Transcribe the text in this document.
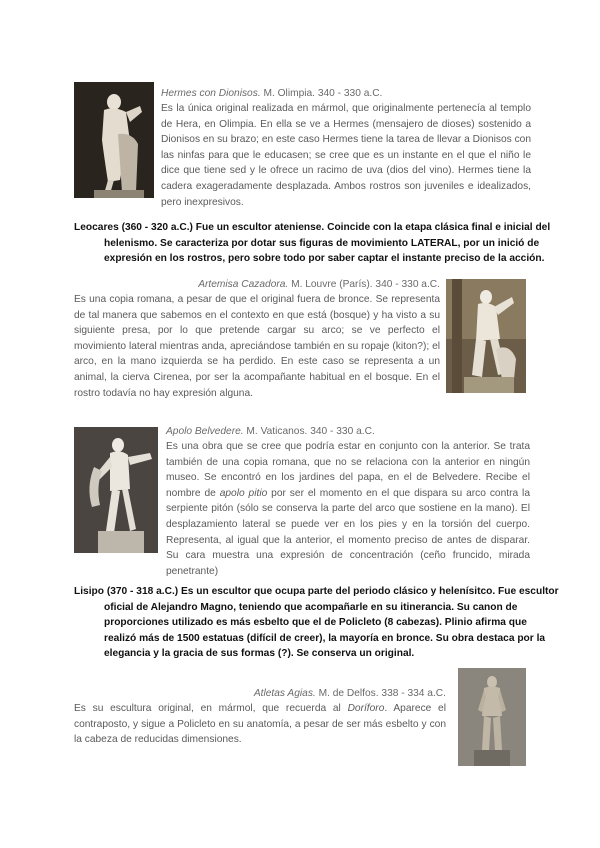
Hermes con Dionisos. M. Olimpia. 340 - 330 a.C.
Es la única original realizada en mármol, que originalmente pertenecía al templo de Hera, en Olimpia. En ella se ve a Hermes (mensajero de dioses) sostenido a Dionisos en su brazo; en este caso Hermes tiene la tarea de llevar a Dionisos con las ninfas para que le educasen; se cree que es un instante en el que el niño le dice que tiene sed y le ofrece un racimo de uva (dios del vino). Hermes tiene la cadera exageradamente desplazada. Ambos rostros son juveniles e idealizados, pero inexpresivos.
Leocares (360 - 320 a.C.) Fue un escultor ateniense. Coincide con la etapa clásica final e inicial del helenismo. Se caracteriza por dotar sus figuras de movimiento LATERAL, por un inició de expresión en los rostros, pero sobre todo por saber captar el instante preciso de la acción.
Artemisa Cazadora. M. Louvre (París). 340 - 330 a.C.
Es una copia romana, a pesar de que el original fuera de bronce. Se representa de tal manera que sabemos en el contexto en que está (bosque) y ha visto a su siguiente presa, por lo que pretende cargar su arco; se ve perfecto el movimiento lateral mientras anda, apreciándose también en su ropaje (kiton?); el arco, en la mano izquierda se ha perdido. En este caso se representa a un animal, la cierva Cirenea, por ser la acompañante habitual en el bosque. En el rostro todavía no hay expresión alguna.
Apolo Belvedere. M. Vaticanos. 340 - 330 a.C.
Es una obra que se cree que podría estar en conjunto con la anterior. Se trata también de una copia romana, que no se relaciona con la anterior en ningún museo. Se encontró en los jardines del papa, en el de Belvedere. Recibe el nombre de apolo pitio por ser el momento en el que dispara su arco contra la serpiente pitón (sólo se conserva la parte del arco que sostiene en la mano). El desplazamiento lateral se puede ver en los pies y en la torsión del cuerpo. Representa, al igual que la anterior, el momento preciso de antes de disparar. Su cara muestra una expresión de concentración (ceño fruncido, mirada penetrante)
Lisipo (370 - 318 a.C.) Es un escultor que ocupa parte del periodo clásico y helenísitco. Fue escultor oficial de Alejandro Magno, teniendo que acompañarle en su itinerancia. Su canon de proporciones utilizado es más esbelto que el de Policleto (8 cabezas). Plinio afirma que realizó más de 1500 estatuas (difícil de creer), la mayoría en bronce. Su obra destaca por la elegancia y la gracia de sus formas (?). Se conserva un original.
Atletas Agias. M. de Delfos. 338 - 334 a.C.
Es su escultura original, en mármol, que recuerda al Doríforo. Aparece el contraposto, y sigue a Policleto en su anatomía, a pesar de ser más esbelto y con la cabeza de reducidas dimensiones.
